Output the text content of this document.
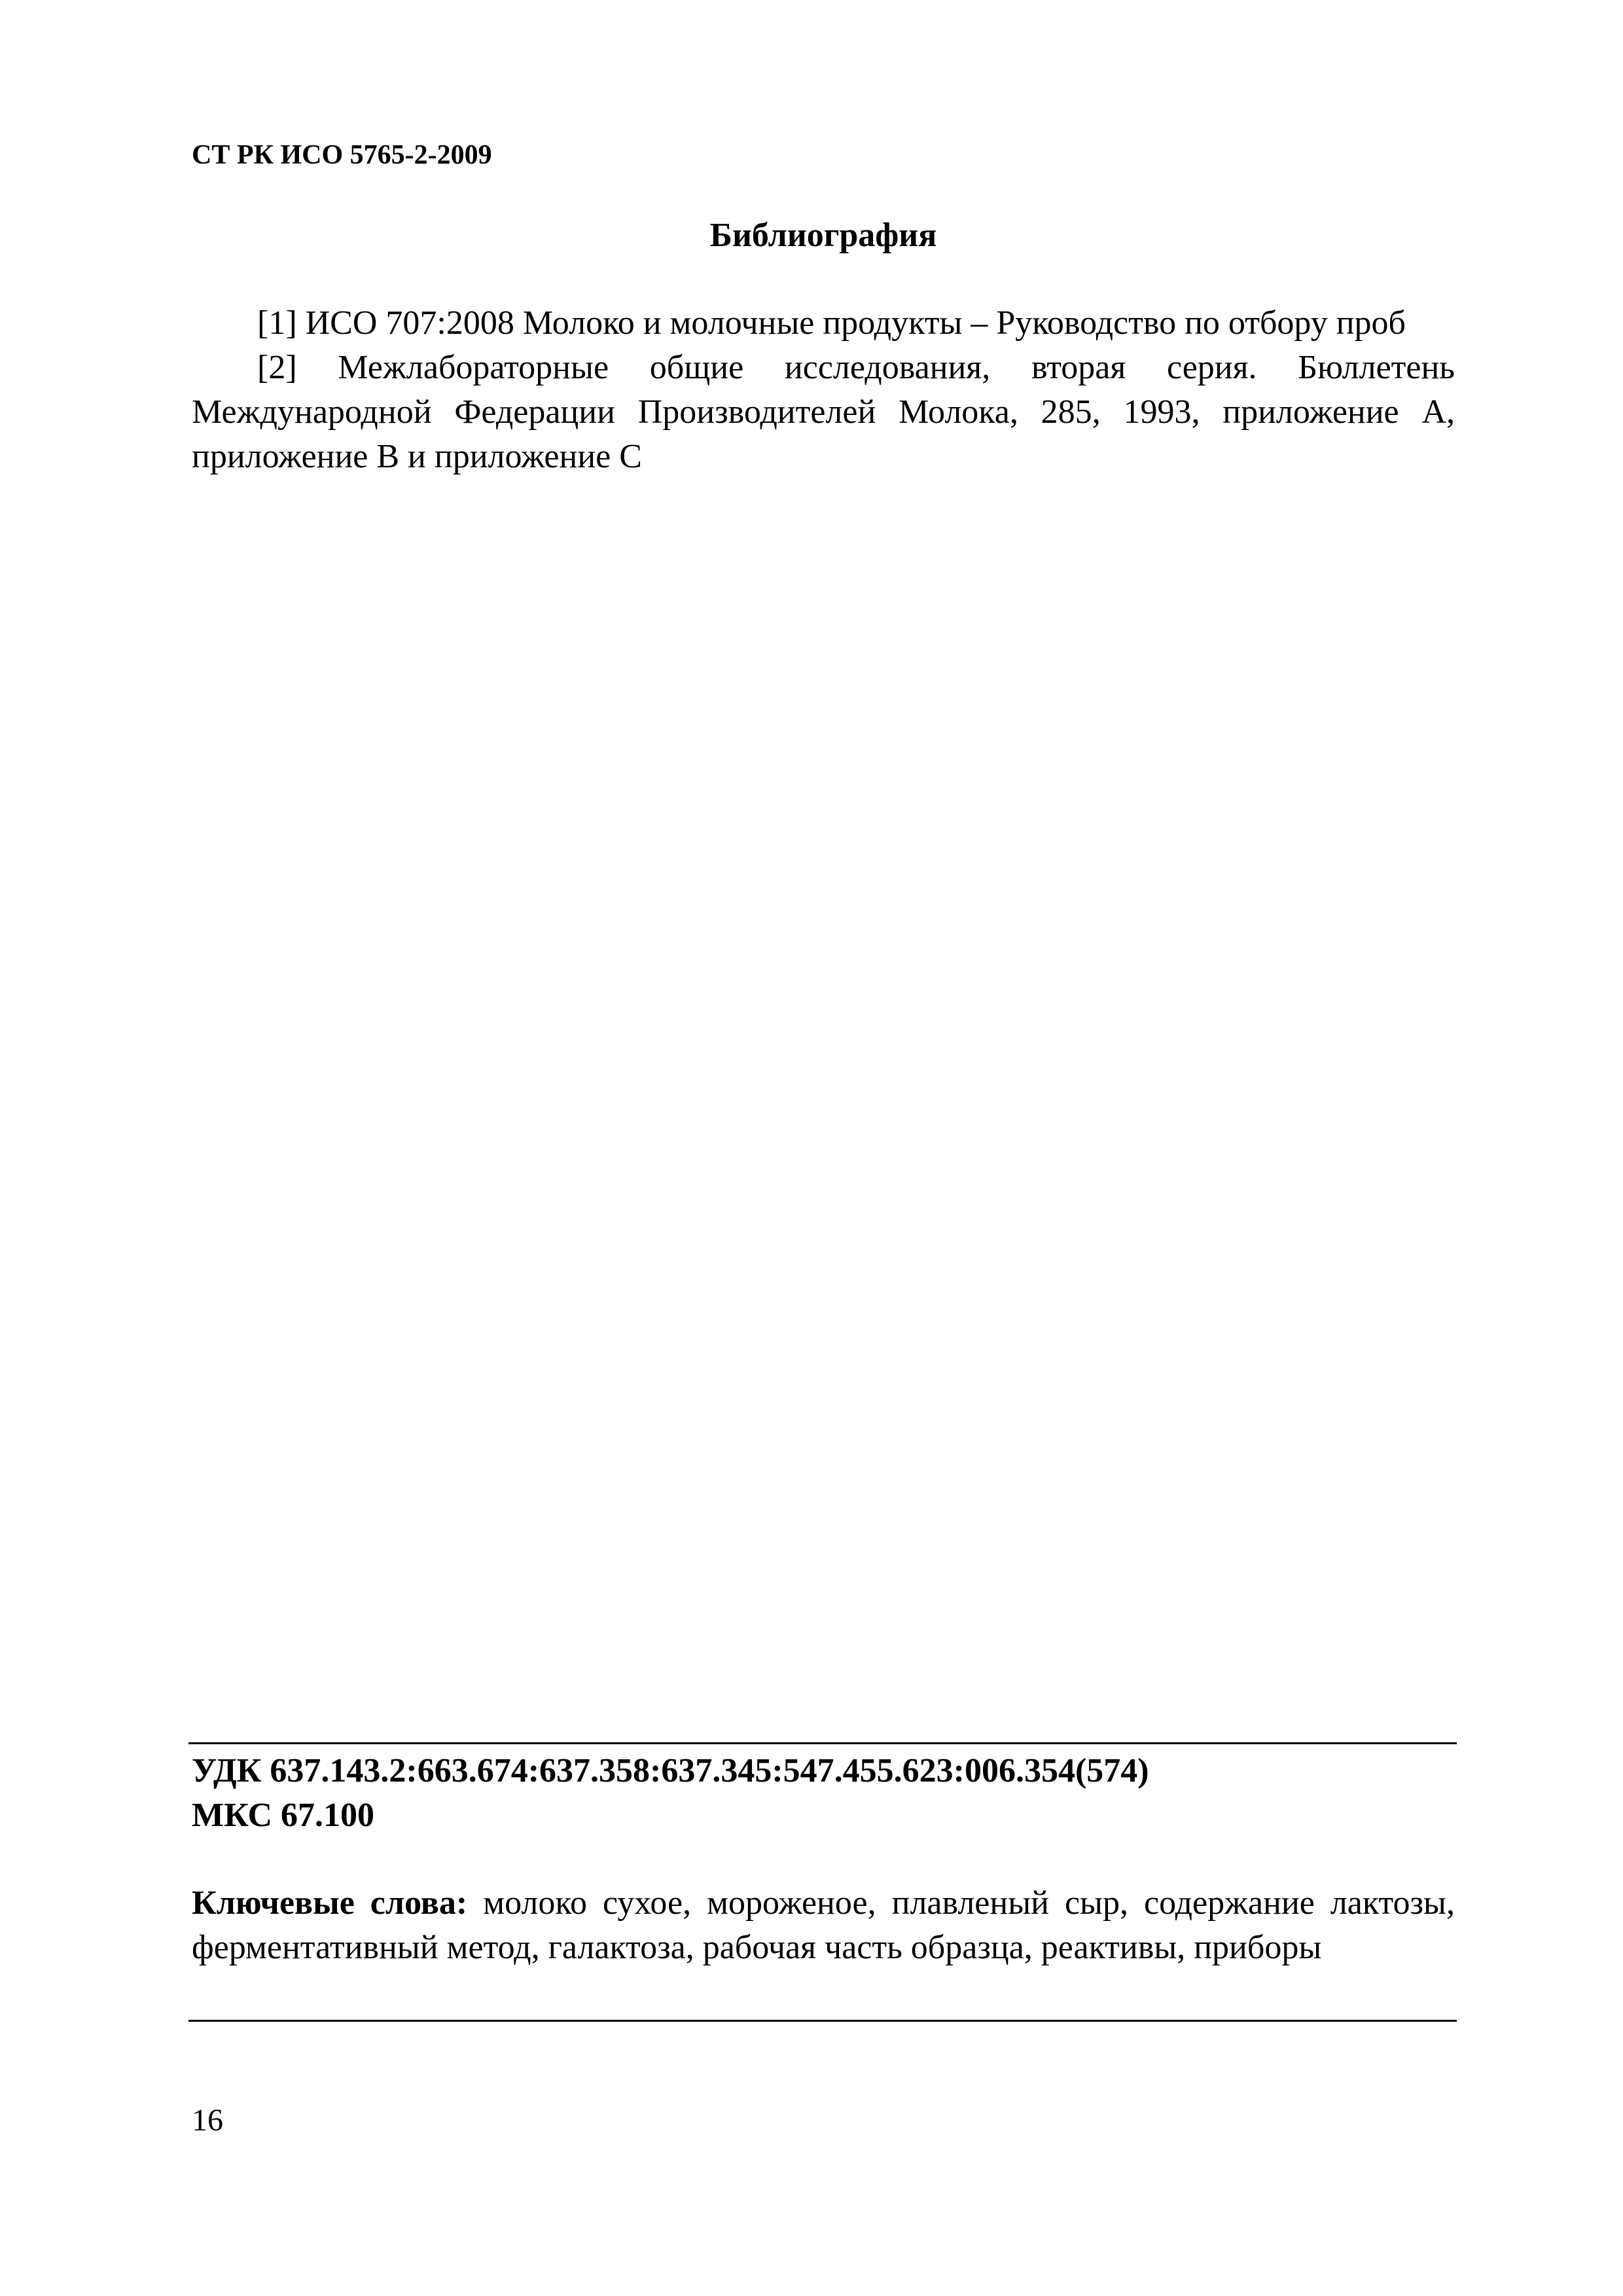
СТ РК ИСО 5765-2-2009
Библиография

[1] ИСО 707:2008 Молоко и молочные продукты – Руководство по отбору проб

[2] Межлабораторные общие исследования, вторая серия. Бюллетень Международной Федерации Производителей Молока, 285, 1993, приложение А, приложение В и приложение С

УДК 637.143.2:663.674:637.358:637.345:547.455.623:006.354(574)
МКС 67.100

Ключевые слова: молоко сухое, мороженое, плавленый сыр, содержание лактозы, ферментативный метод, галактоза, рабочая часть образца, реактивы, приборы

16
